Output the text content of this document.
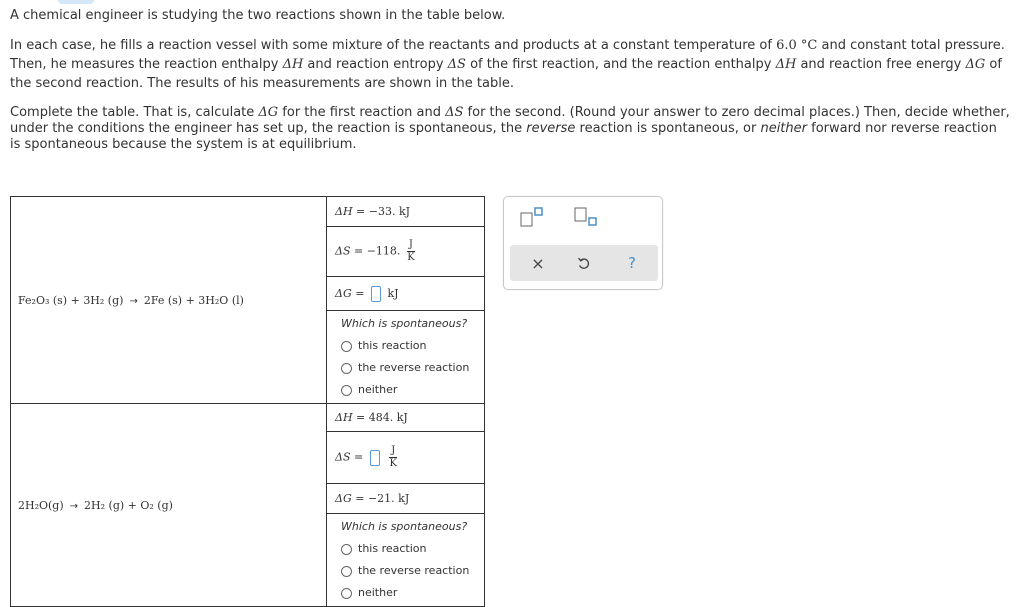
A chemical engineer is studying the two reactions shown in the table below.

In each case, he fills a reaction vessel with some mixture of the reactants and products at a constant temperature of 6.0 °C and constant total pressure. Then, he measures the reaction enthalpy ΔH and reaction entropy ΔS of the first reaction, and the reaction enthalpy ΔH and reaction free energy ΔG of the second reaction. The results of his measurements are shown in the table.

Complete the table. That is, calculate ΔG for the first reaction and ΔS for the second. (Round your answer to zero decimal places.) Then, decide whether, under the conditions the engineer has set up, the reaction is spontaneous, the reverse reaction is spontaneous, or neither forward nor reverse reaction is spontaneous because the system is at equilibrium.

Fe₂O₃ (s) + 3H₂ (g) → 2Fe (s) + 3H₂O (l)	ΔH = −33. kJ
	ΔS = −118. $\frac{J}{K}$

	ΔG = kJ

	Which is spontaneous?
this reaction
the reverse reaction
neither

2H₂O(g) → 2H₂ (g) + O₂ (g)	ΔH = 484. kJ
	$\Delta S = \frac{J}{K}$

	ΔG = −21. kJ

	Which is spontaneous?
this reaction
the reverse reaction
neither
×	?
